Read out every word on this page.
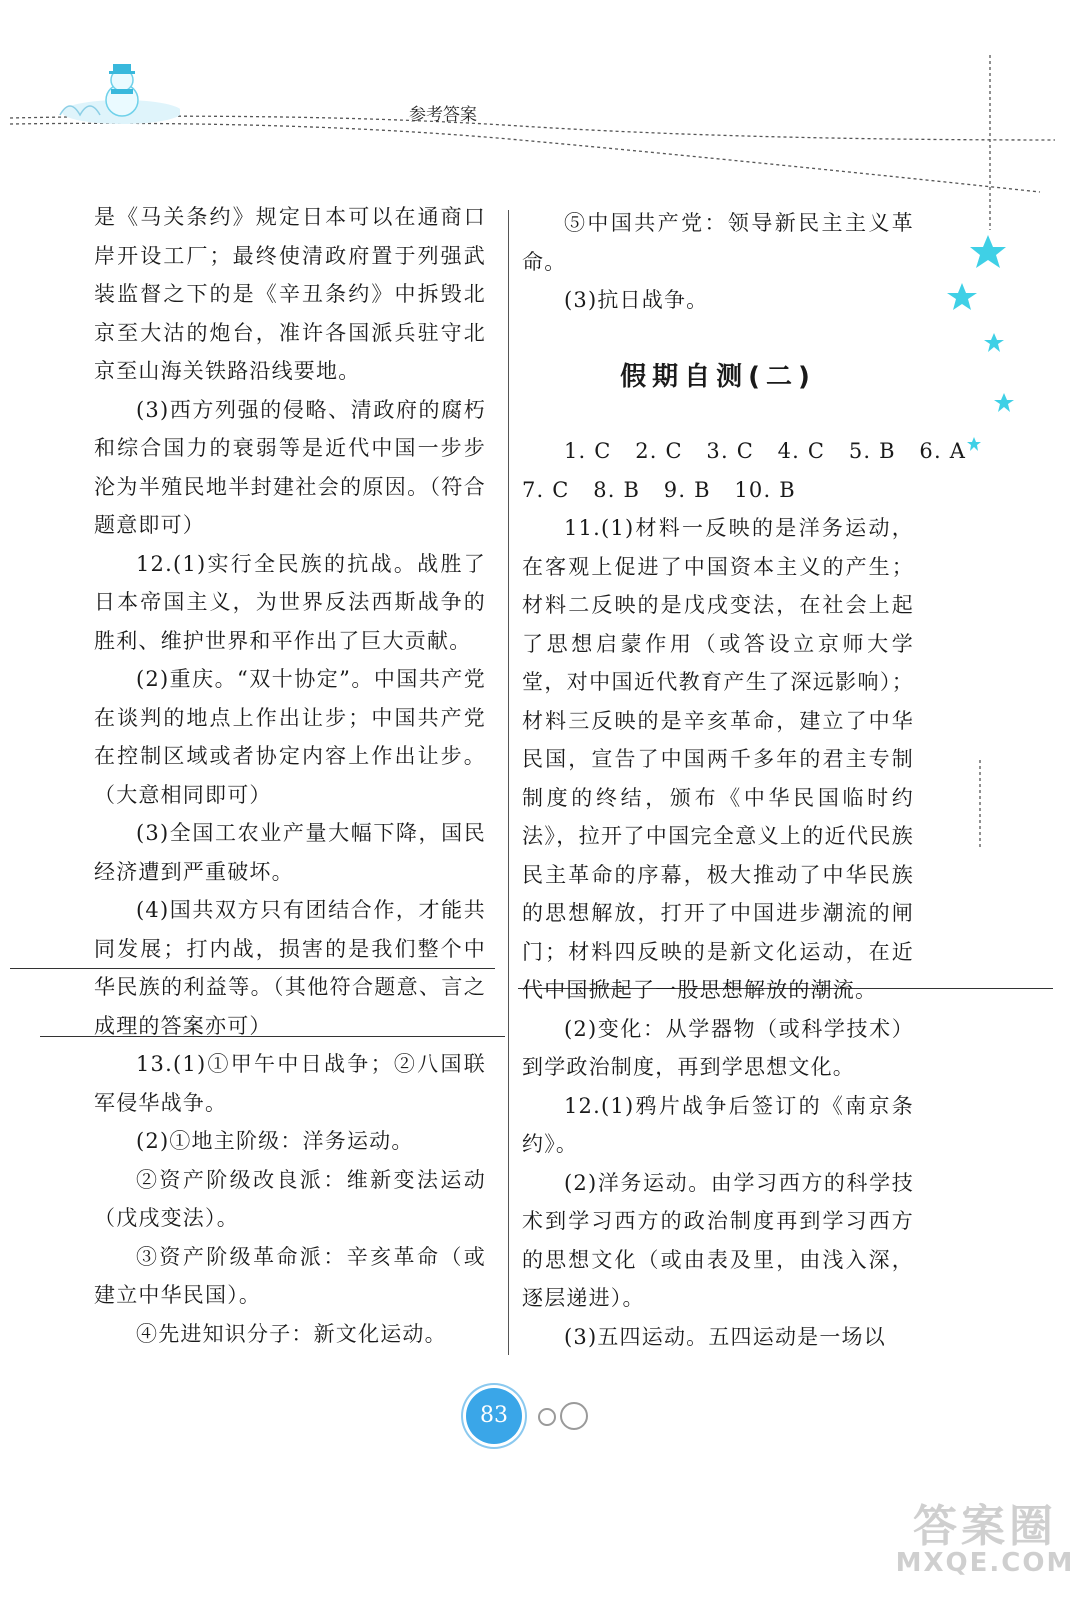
参考答案

是《马关条约》规定日本可以在通商口岸开设工厂；最终使清政府置于列强武装监督之下的是《辛丑条约》中拆毁北京至大沽的炮台，准许各国派兵驻守北京至山海关铁路沿线要地。

(3)西方列强的侵略、清政府的腐朽和综合国力的衰弱等是近代中国一步步沦为半殖民地半封建社会的原因。（符合题意即可）

12.(1)实行全民族的抗战。战胜了日本帝国主义，为世界反法西斯战争的胜利、维护世界和平作出了巨大贡献。

(2)重庆。“双十协定”。中国共产党在谈判的地点上作出让步；中国共产党在控制区域或者协定内容上作出让步。（大意相同即可）

(3)全国工农业产量大幅下降，国民经济遭到严重破坏。

(4)国共双方只有团结合作，才能共同发展；打内战，损害的是我们整个中华民族的利益等。（其他符合题意、言之成理的答案亦可）

13.(1)①甲午中日战争；②八国联军侵华战争。

(2)①地主阶级：洋务运动。

②资产阶级改良派：维新变法运动（戊戌变法）。

③资产阶级革命派：辛亥革命（或建立中华民国）。

④先进知识分子：新文化运动。

⑤中国共产党：领导新民主主义革命。

(3)抗日战争。

假期自测(二)

1. C   2. C   3. C   4. C   5. B   6. A

7. C   8. B   9. B   10. B

11.(1)材料一反映的是洋务运动，在客观上促进了中国资本主义的产生；材料二反映的是戊戌变法，在社会上起了思想启蒙作用（或答设立京师大学堂，对中国近代教育产生了深远影响）；材料三反映的是辛亥革命，建立了中华民国，宣告了中国两千多年的君主专制制度的终结，颁布《中华民国临时约法》，拉开了中国完全意义上的近代民族民主革命的序幕，极大推动了中华民族的思想解放，打开了中国进步潮流的闸门；材料四反映的是新文化运动，在近代中国掀起了一股思想解放的潮流。

(2)变化：从学器物（或科学技术）到学政治制度，再到学思想文化。

12.(1)鸦片战争后签订的《南京条约》。

(2)洋务运动。由学习西方的科学技术到学习西方的政治制度再到学习西方的思想文化（或由表及里，由浅入深，逐层递进）。

(3)五四运动。五四运动是一场以

83
答案圈
MXQE.COM
